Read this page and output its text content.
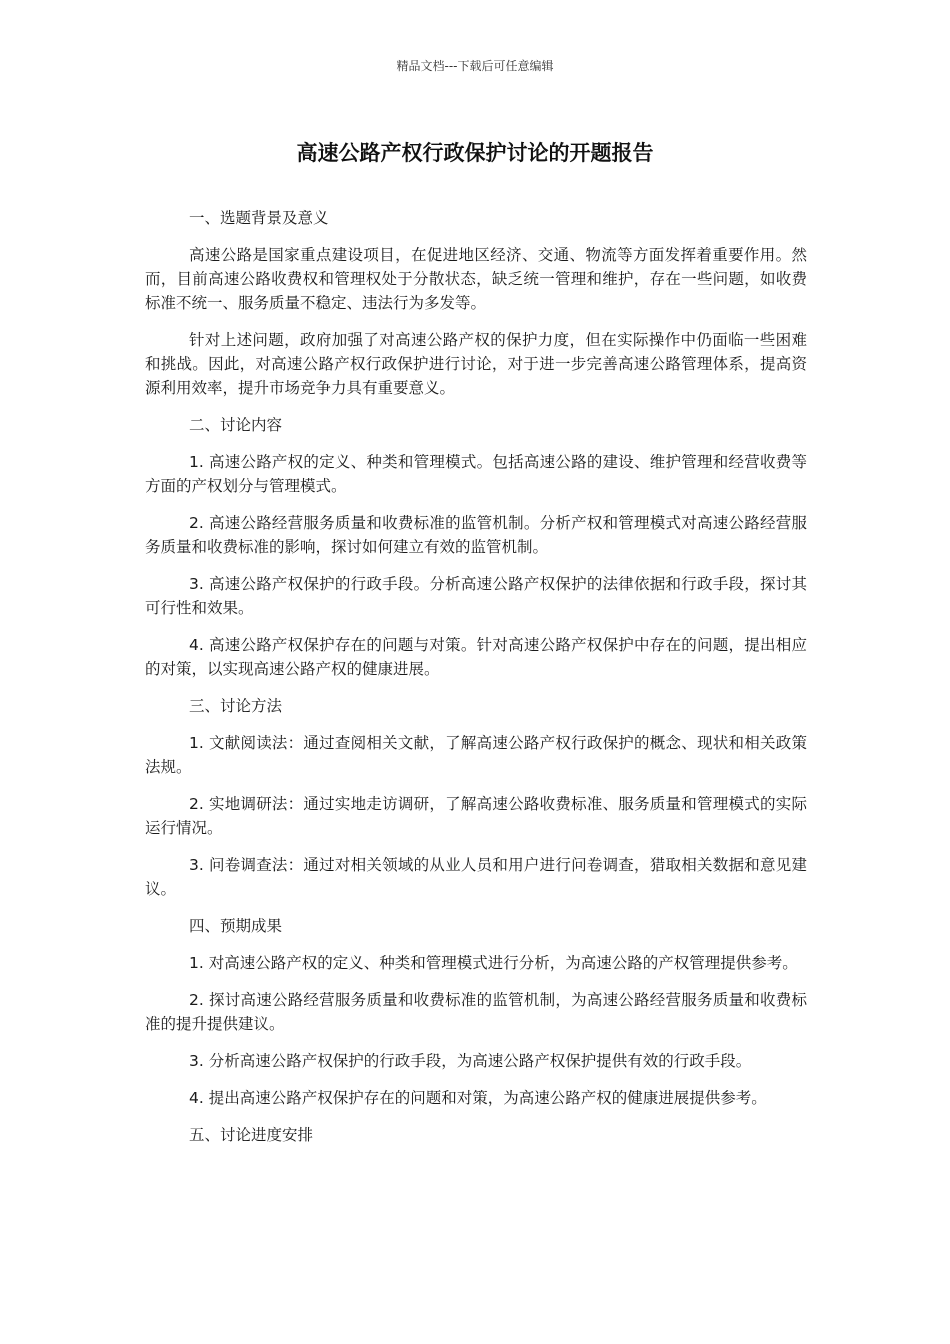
精品文档---下载后可任意编辑
高速公路产权行政保护讨论的开题报告
一、选题背景及意义

高速公路是国家重点建设项目，在促进地区经济、交通、物流等方面发挥着重要作用。然而，目前高速公路收费权和管理权处于分散状态，缺乏统一管理和维护，存在一些问题，如收费标准不统一、服务质量不稳定、违法行为多发等。

针对上述问题，政府加强了对高速公路产权的保护力度，但在实际操作中仍面临一些困难和挑战。因此，对高速公路产权行政保护进行讨论，对于进一步完善高速公路管理体系，提高资源利用效率，提升市场竞争力具有重要意义。

二、讨论内容

1. 高速公路产权的定义、种类和管理模式。包括高速公路的建设、维护管理和经营收费等方面的产权划分与管理模式。

2. 高速公路经营服务质量和收费标准的监管机制。分析产权和管理模式对高速公路经营服务质量和收费标准的影响，探讨如何建立有效的监管机制。

3. 高速公路产权保护的行政手段。分析高速公路产权保护的法律依据和行政手段，探讨其可行性和效果。

4. 高速公路产权保护存在的问题与对策。针对高速公路产权保护中存在的问题，提出相应的对策，以实现高速公路产权的健康进展。

三、讨论方法

1. 文献阅读法：通过查阅相关文献，了解高速公路产权行政保护的概念、现状和相关政策法规。

2. 实地调研法：通过实地走访调研，了解高速公路收费标准、服务质量和管理模式的实际运行情况。

3. 问卷调查法：通过对相关领域的从业人员和用户进行问卷调查，猎取相关数据和意见建议。

四、预期成果

1. 对高速公路产权的定义、种类和管理模式进行分析，为高速公路的产权管理提供参考。

2. 探讨高速公路经营服务质量和收费标准的监管机制，为高速公路经营服务质量和收费标准的提升提供建议。

3. 分析高速公路产权保护的行政手段，为高速公路产权保护提供有效的行政手段。

4. 提出高速公路产权保护存在的问题和对策，为高速公路产权的健康进展提供参考。

五、讨论进度安排
